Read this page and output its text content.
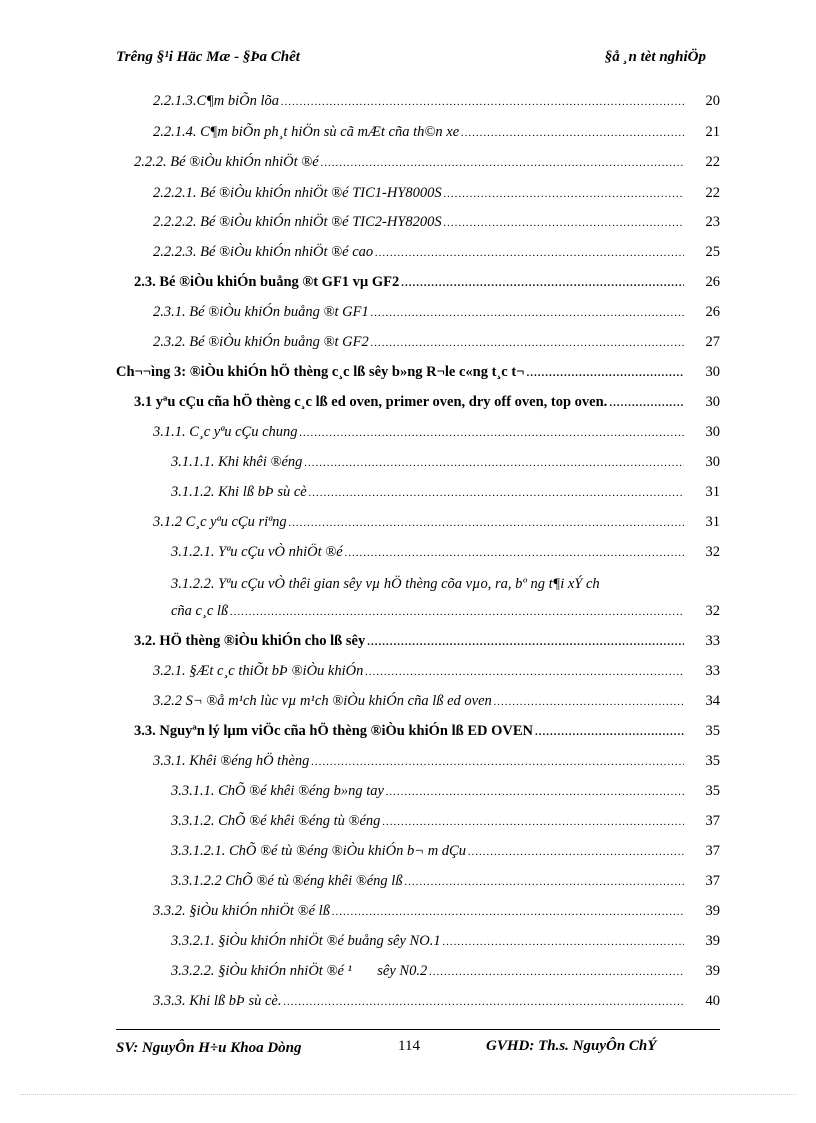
Trêng §¹i Häc Mæ - §Þa Chêt	§å ¸n tèt nghiÖp
2.2.1.3.C¶m biÕn lõa .....	20
2.2.1.4. C¶m biÕn ph¸t hiÖn sù cã mÆt cña th©n xe .....	21
2.2.2. Bé ®iÒu khiÓn nhiÖt ®é .....	22
2.2.2.1. Bé ®iÒu khiÓn nhiÖt ®é TIC1-HY8000S .....	22
2.2.2.2. Bé ®iÒu khiÓn nhiÖt ®é TIC2-HY8200S .....	23
2.2.2.3. Bé ®iÒu khiÓn nhiÖt ®é cao .....	25
2.3. Bé ®iÒu khiÓn buång ®t GF1 vµ GF2 .....	26
2.3.1. Bé ®iÒu khiÓn buång ®t GF1 .....	26
2.3.2. Bé ®iÒu khiÓn buång ®t GF2 .....	27
Ch¬¬ìng 3: ®iÒu khiÓn hÖ thèng c¸c lß sêy b»ng R¬le c«ng t¸c t¬ .....	30
3.1 yªu cÇu cña hÖ thèng c¸c lß ed oven, primer oven, dry off oven, top oven. .....	30
3.1.1. C¸c yªu cÇu chung .....	30
3.1.1.1. Khi khêi ®éng .....	30
3.1.1.2. Khi lß bÞ sù cè .....	31
3.1.2 C¸c yªu cÇu riªng .....	31
3.1.2.1. Yªu cÇu vÒ nhiÖt ®é .....	32
3.1.2.2. Yªu cÇu vÒ thêi gian sêy vµ hÖ thèng cõa vµo, ra, bº ng t¶i xÝ ch
cña c¸c lß .....	32
3.2. HÖ thèng ®iÒu khiÓn cho lß sêy .....	33
3.2.1. §Æt c¸c thiÕt bÞ ®iÒu khiÓn .....	33
3.2.2 S¬ ®å m¹ch lùc vµ m¹ch ®iÒu khiÓn cña lß ed oven .....	34
3.3. Nguyªn lý lµm viÖc cña hÖ thèng ®iÒu khiÓn lß ED OVEN .....	35
3.3.1. Khêi ®éng hÖ thèng .....	35
3.3.1.1. ChÕ ®é khêi ®éng b»ng tay .....	35
3.3.1.2. ChÕ ®é khêi ®éng tù ®éng .....	37
3.3.1.2.1. ChÕ ®é tù ®éng ®iÒu khiÓn b¬ m dÇu .....	37
3.3.1.2.2 ChÕ ®é tù ®éng khêi ®éng lß .....	37
3.3.2. §iÒu khiÓn nhiÖt ®é lß .....	39
3.3.2.1. §iÒu khiÓn nhiÖt ®é buång sêy NO.1 .....	39
3.3.2.2. §iÒu khiÓn nhiÖt ®é ¹       sêy N0.2 .....	39
3.3.3. Khi lß bÞ sù cè. .....	40
SV: NguyÔn H÷u Khoa Dòng	114	GVHD: Th.s. NguyÔn ChÝ
